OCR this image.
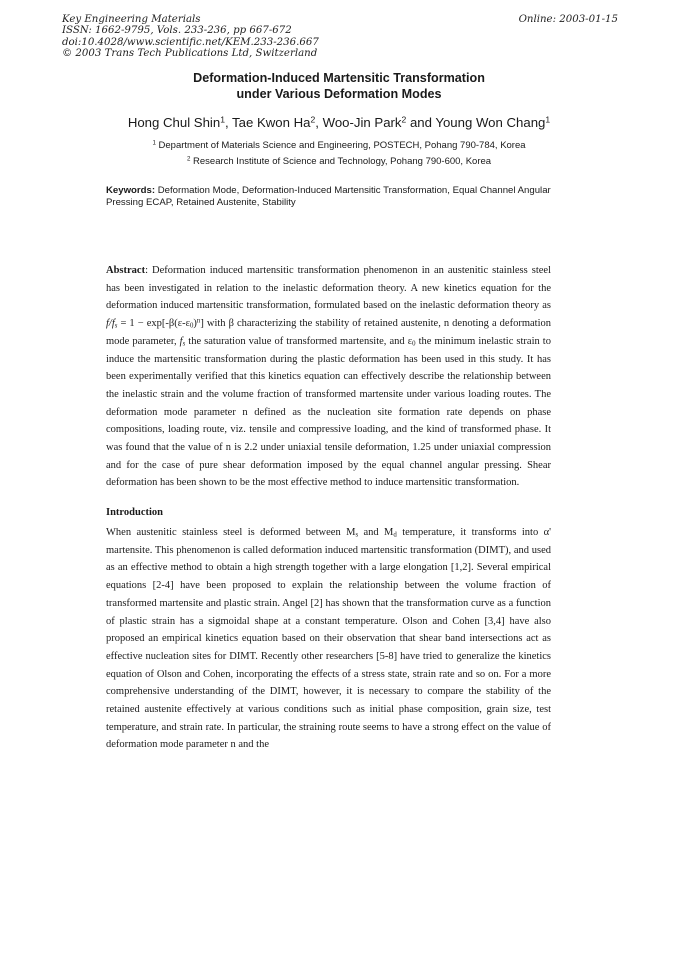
Key Engineering Materials
ISSN: 1662-9795, Vols. 233-236, pp 667-672
doi:10.4028/www.scientific.net/KEM.233-236.667
© 2003 Trans Tech Publications Ltd, Switzerland
Online: 2003-01-15
Deformation-Induced Martensitic Transformation
under Various Deformation Modes
Hong Chul Shin$^1$, Tae Kwon Ha$^2$, Woo-Jin Park$^2$ and Young Won Chang$^1$
$^1$ Department of Materials Science and Engineering, POSTECH, Pohang 790-784, Korea
$^2$ Research Institute of Science and Technology, Pohang 790-600, Korea
Keywords: Deformation Mode, Deformation-Induced Martensitic Transformation, Equal Channel Angular Pressing ECAP, Retained Austenite, Stability
Abstract: Deformation induced martensitic transformation phenomenon in an austenitic stainless steel has been investigated in relation to the inelastic deformation theory. A new kinetics equation for the deformation induced martensitic transformation, formulated based on the inelastic deformation theory as $f/f_s = 1 - \exp[-\beta(\varepsilon-\varepsilon_0)^n]$ with β characterizing the stability of retained austenite, n denoting a deformation mode parameter, $f_s$ the saturation value of transformed martensite, and $\varepsilon_0$ the minimum inelastic strain to induce the martensitic transformation during the plastic deformation has been used in this study. It has been experimentally verified that this kinetics equation can effectively describe the relationship between the inelastic strain and the volume fraction of transformed martensite under various loading routes. The deformation mode parameter n defined as the nucleation site formation rate depends on phase compositions, loading route, viz. tensile and compressive loading, and the kind of transformed phase. It was found that the value of n is 2.2 under uniaxial tensile deformation, 1.25 under uniaxial compression and for the case of pure shear deformation imposed by the equal channel angular pressing. Shear deformation has been shown to be the most effective method to induce martensitic transformation.
Introduction
When austenitic stainless steel is deformed between $M_s$ and $M_d$ temperature, it transforms into α' martensite. This phenomenon is called deformation induced martensitic transformation (DIMT), and used as an effective method to obtain a high strength together with a large elongation [1,2]. Several empirical equations [2-4] have been proposed to explain the relationship between the volume fraction of transformed martensite and plastic strain. Angel [2] has shown that the transformation curve as a function of plastic strain has a sigmoidal shape at a constant temperature. Olson and Cohen [3,4] have also proposed an empirical kinetics equation based on their observation that shear band intersections act as effective nucleation sites for DIMT. Recently other researchers [5-8] have tried to generalize the kinetics equation of Olson and Cohen, incorporating the effects of a stress state, strain rate and so on. For a more comprehensive understanding of the DIMT, however, it is necessary to compare the stability of the retained austenite effectively at various conditions such as initial phase composition, grain size, test temperature, and strain rate. In particular, the straining route seems to have a strong effect on the value of deformation mode parameter n and the
